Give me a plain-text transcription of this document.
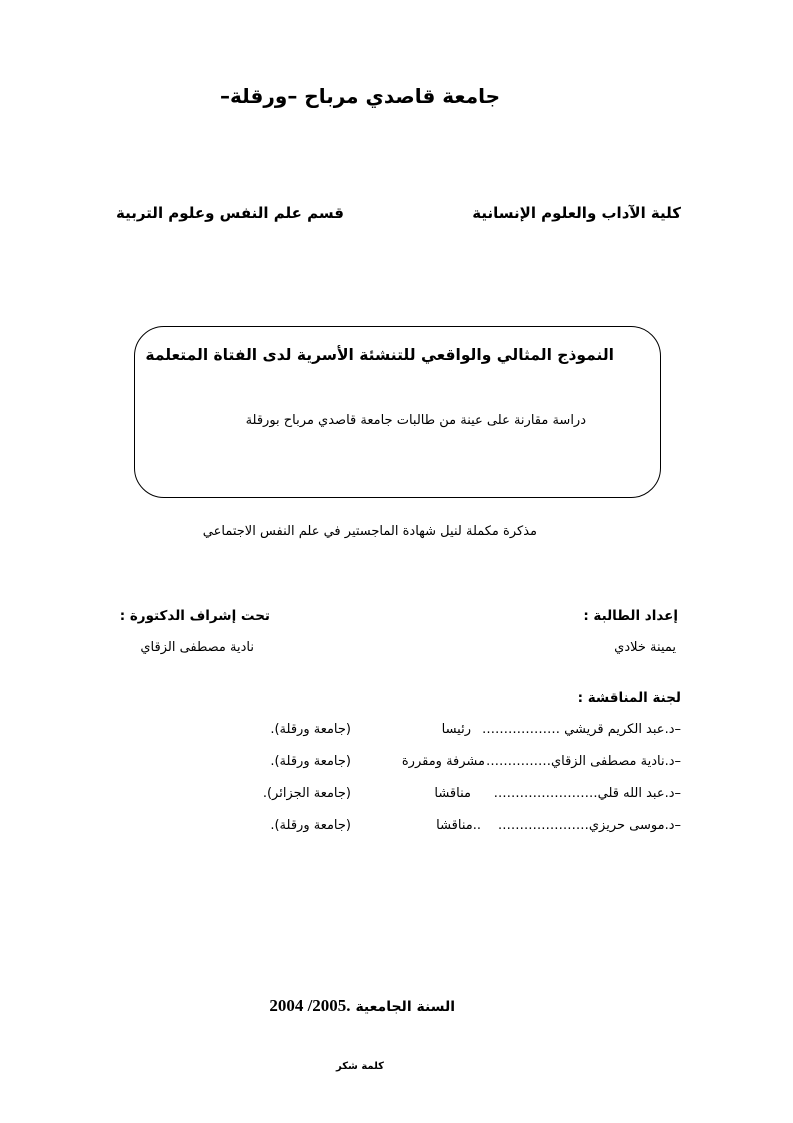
جامعة قاصدي مرباح –ورقلة–
كلية الآداب والعلوم الإنسانية
قسم علم النفس وعلوم التربية
النموذج المثالي والواقعي للتنشئة الأسرية لدى الفتاة المتعلمة
دراسة مقارنة على عينة من طالبات جامعة قاصدي مرباح بورقلة
مذكرة مكملة لنيل شهادة الماجستير في علم النفس الاجتماعي
إعداد الطالبة :
يمينة خلادي
تحت إشراف الدكتورة :
نادية مصطفى الزقاي
لجنة المناقشة :
–د.عبد الكريم قريشي ………………
رئيسا
(جامعة ورقلة).
–د.نادية مصطفى الزقاي……………
مشرفة ومقررة
(جامعة ورقلة).
–د.عبد الله قلي……………………
مناقشا
(جامعة الجزائر).
–د.موسى حريزي…………………
..مناقشا
(جامعة ورقلة).
2004 /2005. السنة الجامعية
كلمة شكر
